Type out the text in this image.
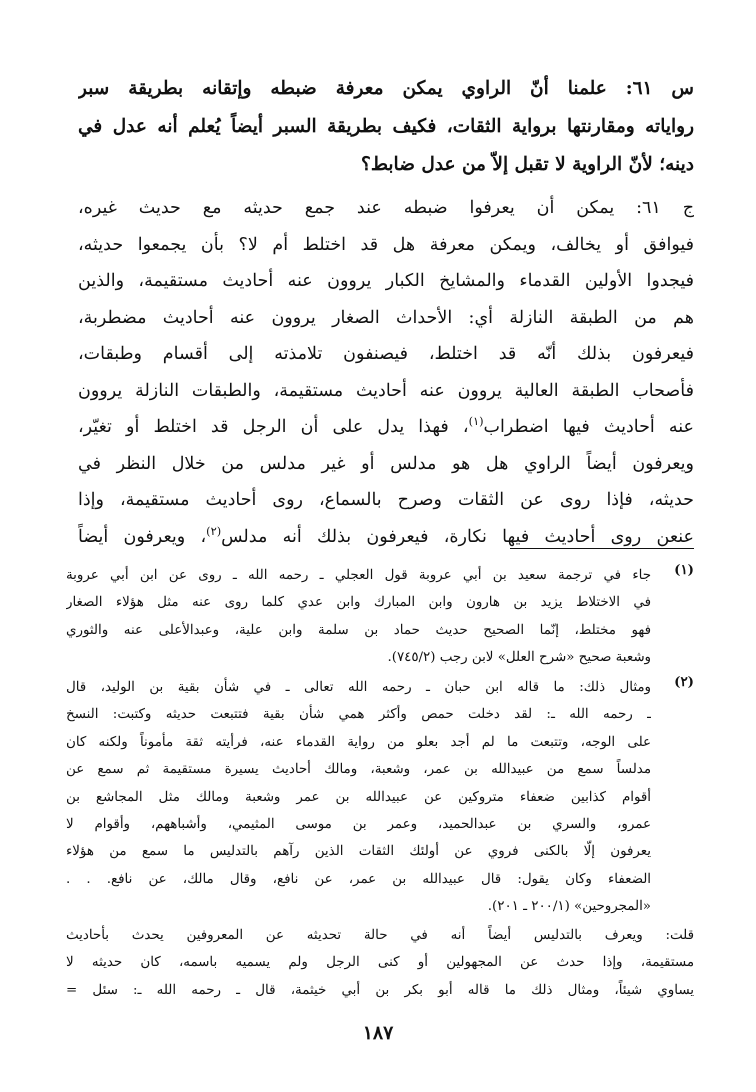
س ٦١: علمنا أنّ الراوي يمكن معرفة ضبطه وإتقانه بطريقة سبر
رواياته ومقارنتها برواية الثقات، فكيف بطريقة السبر أيضاً يُعلم أنه عدل في
دينه؛ لأنّ الراوية لا تقبل إلاّ من عدل ضابط؟
ج ٦١: يمكن أن يعرفوا ضبطه عند جمع حديثه مع حديث غيره،
فيوافق أو يخالف، ويمكن معرفة هل قد اختلط أم لا؟ بأن يجمعوا حديثه،
فيجدوا الأولين القدماء والمشايخ الكبار يروون عنه أحاديث مستقيمة، والذين
هم من الطبقة النازلة أي: الأحداث الصغار يروون عنه أحاديث مضطربة،
فيعرفون بذلك أنّه قد اختلط، فيصنفون تلامذته إلى أقسام وطبقات،
فأصحاب الطبقة العالية يروون عنه أحاديث مستقيمة، والطبقات النازلة يروون
عنه أحاديث فيها اضطراب$^{(١)}$، فهذا يدل على أن الرجل قد اختلط أو تغيّر،
ويعرفون أيضاً الراوي هل هو مدلس أو غير مدلس من خلال النظر في
حديثه، فإذا روى عن الثقات وصرح بالسماع، روى أحاديث مستقيمة، وإذا
عنعن روى أحاديث فيها نكارة، فيعرفون بذلك أنه مدلس$^{(٢)}$، ويعرفون أيضاً
(١)
جاء في ترجمة سعيد بن أبي عروبة قول العجلي ـ رحمه الله ـ روى عن ابن أبي عروبة
في الاختلاط يزيد بن هارون وابن المبارك وابن عدي كلما روى عنه مثل هؤلاء الصغار
فهو مختلط، إنّما الصحيح حديث حماد بن سلمة وابن علية، وعبدالأعلى عنه والثوري
وشعبة صحيح «شرح العلل» لابن رجب (٧٤٥/٢).
(٢)
ومثال ذلك: ما قاله ابن حبان ـ رحمه الله تعالى ـ في شأن بقية بن الوليد، قال
ـ رحمه الله ـ: لقد دخلت حمص وأكثر همي شأن بقية فتتبعت حديثه وكتبت: النسخ
على الوجه، وتتبعت ما لم أجد بعلو من رواية القدماء عنه، فرأيته ثقة مأموناً ولكنه كان
مدلساً سمع من عبيدالله بن عمر، وشعبة، ومالك أحاديث يسيرة مستقيمة ثم سمع عن
أقوام كذابين ضعفاء متروكين عن عبيدالله بن عمر وشعبة ومالك مثل المجاشع بن
عمرو، والسري بن عبدالحميد، وعمر بن موسى المثيمي، وأشباههم، وأقوام لا
يعرفون إلّا بالكنى فروي عن أولئك الثقات الذين رآهم بالتدليس ما سمع من هؤلاء
الضعفاء وكان يقول: قال عبيدالله بن عمر، عن نافع، وقال مالك، عن نافع. . .
«المجروحين» (٢٠٠/١ ـ ٢٠١).
قلت: ويعرف بالتدليس أيضاً أنه في حالة تحديثه عن المعروفين يحدث بأحاديث
مستقيمة، وإذا حدث عن المجهولين أو كنى الرجل ولم يسميه باسمه، كان حديثه لا
يساوي شيئاً، ومثال ذلك ما قاله أبو بكر بن أبي خيثمة، قال ـ رحمه الله ـ: سئل =
١٨٧
